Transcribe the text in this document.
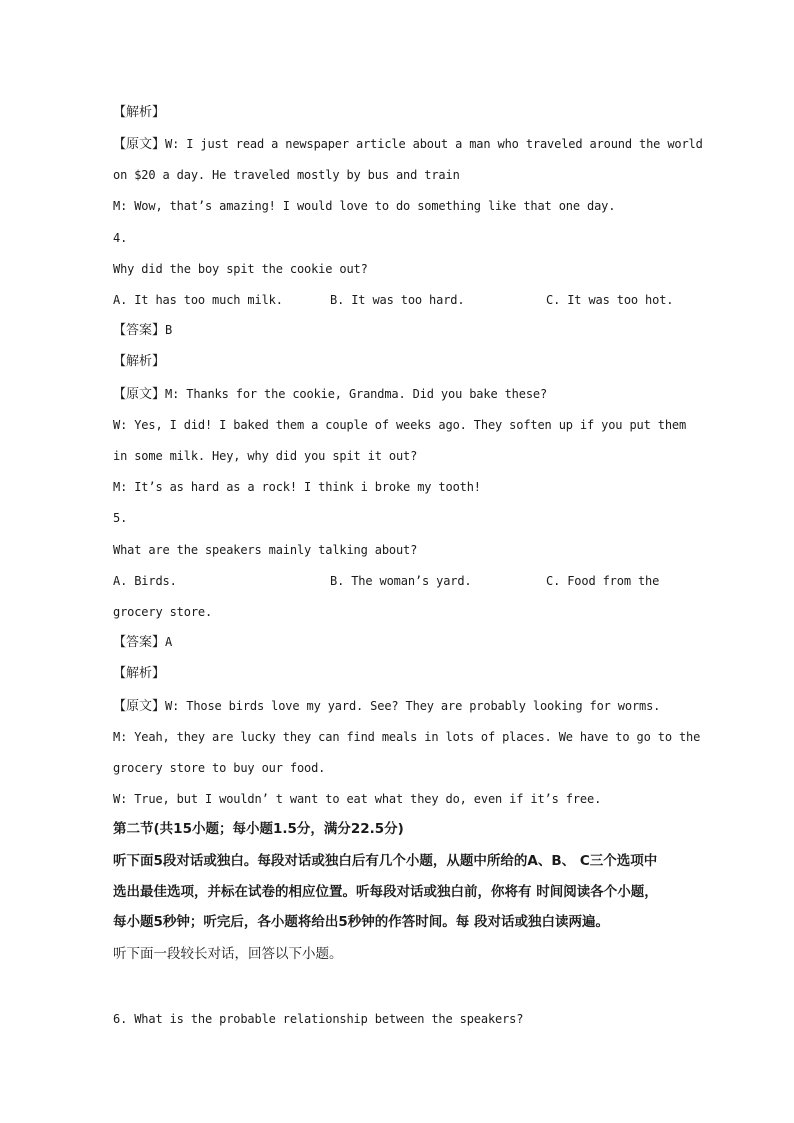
【解析】
【原文】W: I just read a newspaper article about a man who traveled around the world
on $20 a day. He traveled mostly by bus and train
M: Wow, that’s amazing! I would love to do something like that one day.
4.
Why did the boy spit the cookie out?
A. It has too much milk.	B. It was too hard.	C. It was too hot.
【答案】B
【解析】
【原文】M: Thanks for the cookie, Grandma. Did you bake these?
W: Yes, I did! I baked them a couple of weeks ago. They soften up if you put them
in some milk. Hey, why did you spit it out?
M: It’s as hard as a rock! I think i broke my tooth!
5.
What are the speakers mainly talking about?
A. Birds.	B. The woman’s yard.	C. Food from the
grocery store.
【答案】A
【解析】
【原文】W: Those birds love my yard. See? They are probably looking for worms.
M: Yeah, they are lucky they can find meals in lots of places. We have to go to the
grocery store to buy our food.
W: True, but I wouldn’ t want to eat what they do, even if it’s free.
第二节(共15小题；每小题1.5分，满分22.5分)
听下面5段对话或独白。每段对话或独白后有几个小题，从题中所给的A、B、 C三个选项中
选出最佳选项，并标在试卷的相应位置。听每段对话或独白前，你将有 时间阅读各个小题，
每小题5秒钟；听完后，各小题将给出5秒钟的作答时间。每 段对话或独白读两遍。
听下面一段较长对话，回答以下小题。
6. What is the probable relationship between the speakers?
